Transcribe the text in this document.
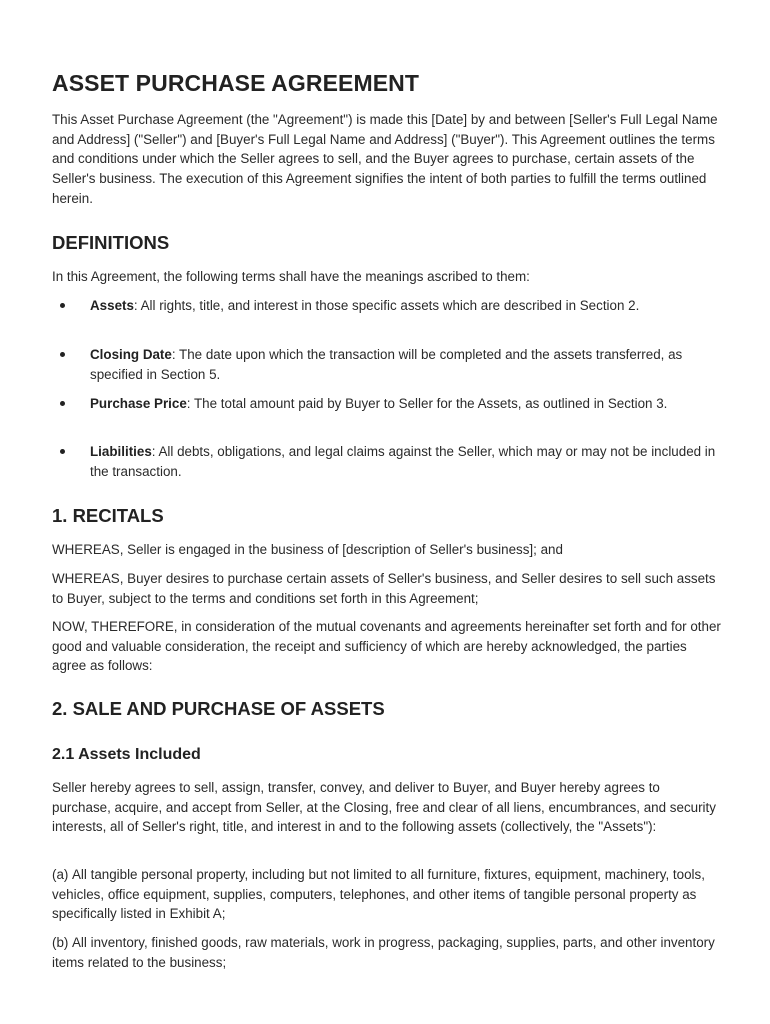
ASSET PURCHASE AGREEMENT

This Asset Purchase Agreement (the "Agreement") is made this [Date] by and between [Seller's Full Legal Name and Address] ("Seller") and [Buyer's Full Legal Name and Address] ("Buyer"). This Agreement outlines the terms and conditions under which the Seller agrees to sell, and the Buyer agrees to purchase, certain assets of the Seller's business. The execution of this Agreement signifies the intent of both parties to fulfill the terms outlined herein.

DEFINITIONS

In this Agreement, the following terms shall have the meanings ascribed to them:

Assets: All rights, title, and interest in those specific assets which are described in Section 2.

Closing Date: The date upon which the transaction will be completed and the assets transferred, as specified in Section 5.

Purchase Price: The total amount paid by Buyer to Seller for the Assets, as outlined in Section 3.

Liabilities: All debts, obligations, and legal claims against the Seller, which may or may not be included in the transaction.

1. RECITALS

WHEREAS, Seller is engaged in the business of [description of Seller's business]; and

WHEREAS, Buyer desires to purchase certain assets of Seller's business, and Seller desires to sell such assets to Buyer, subject to the terms and conditions set forth in this Agreement;

NOW, THEREFORE, in consideration of the mutual covenants and agreements hereinafter set forth and for other good and valuable consideration, the receipt and sufficiency of which are hereby acknowledged, the parties agree as follows:

2. SALE AND PURCHASE OF ASSETS
2.1 Assets Included

Seller hereby agrees to sell, assign, transfer, convey, and deliver to Buyer, and Buyer hereby agrees to purchase, acquire, and accept from Seller, at the Closing, free and clear of all liens, encumbrances, and security interests, all of Seller's right, title, and interest in and to the following assets (collectively, the "Assets"):

(a) All tangible personal property, including but not limited to all furniture, fixtures, equipment, machinery, tools, vehicles, office equipment, supplies, computers, telephones, and other items of tangible personal property as specifically listed in Exhibit A;

(b) All inventory, finished goods, raw materials, work in progress, packaging, supplies, parts, and other inventory items related to the business;
